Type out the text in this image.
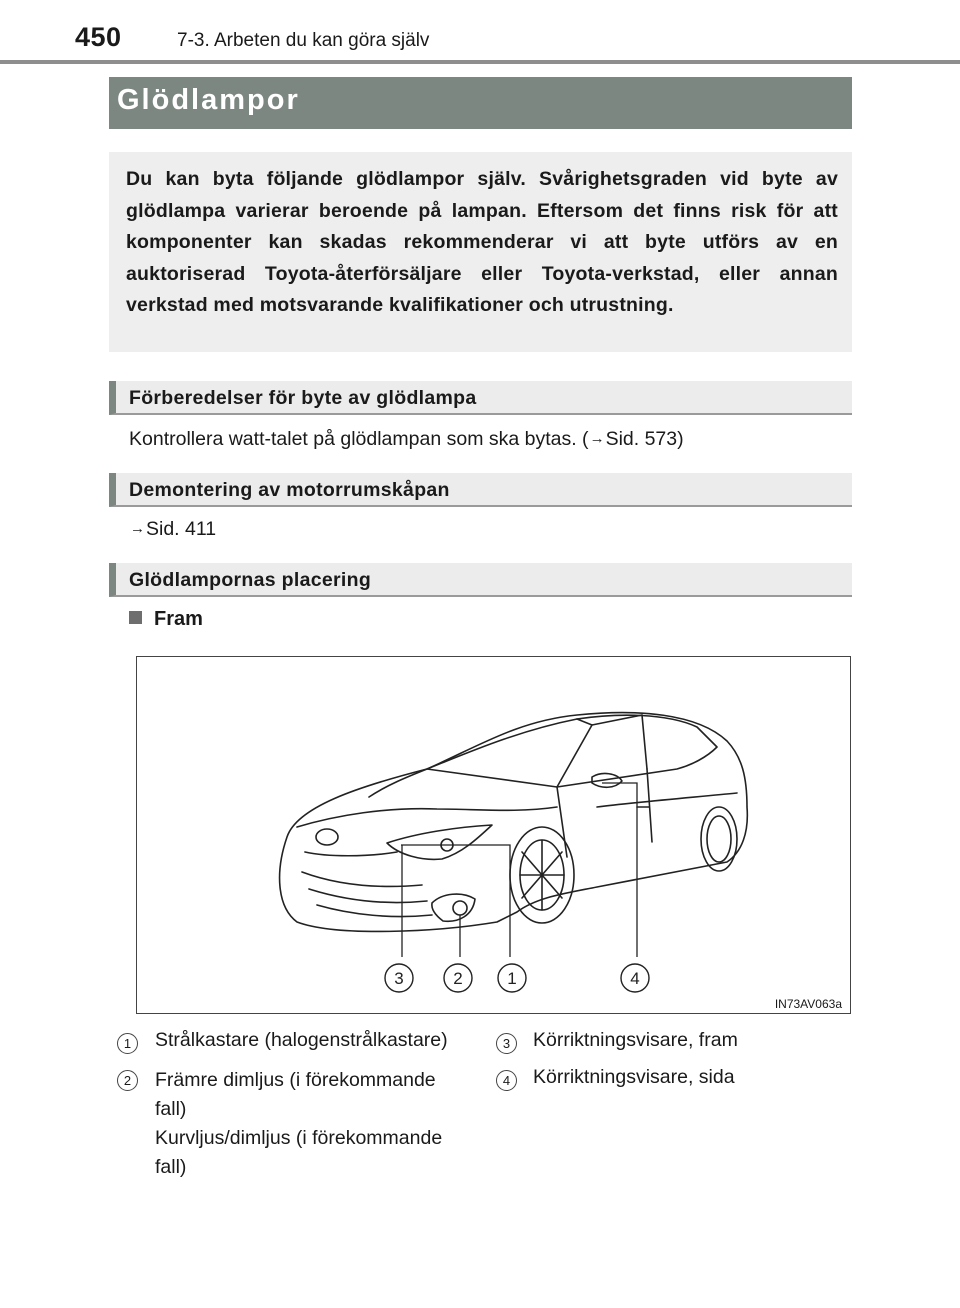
450	7-3. Arbeten du kan göra själv
Glödlampor

Du kan byta följande glödlampor själv. Svårighetsgraden vid byte av glödlampa varierar beroende på lampan. Eftersom det finns risk för att komponenter kan skadas rekommenderar vi att byte utförs av en auktoriserad Toyota-återförsäljare eller Toyota-verkstad, eller annan verkstad med motsvarande kvalifikationer och utrustning.

Förberedelser för byte av glödlampa
Kontrollera watt-talet på glödlampan som ska bytas. (→Sid. 573)
Demontering av motorrumskåpan
→Sid. 411
Glödlampornas placering
Fram
3	2	1	4
IN73AV063a
1	Strålkastare (halogenstrålkastare)
2	Främre dimljus (i förekommande
fall)
Kurvljus/dimljus (i förekommande
fall)
3	Körriktningsvisare, fram
4	Körriktningsvisare, sida
